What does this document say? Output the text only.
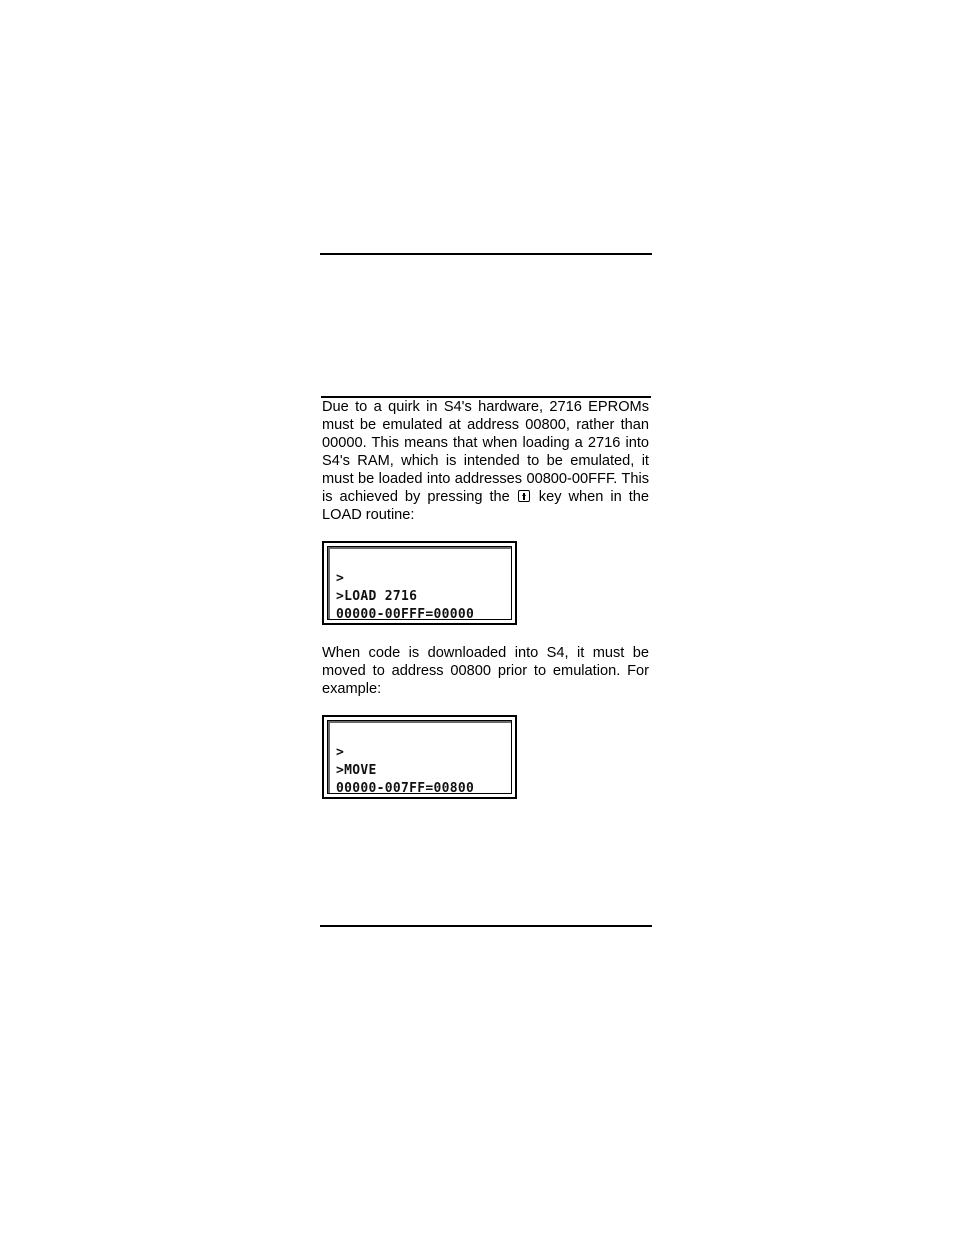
Due to a quirk in S4's hardware, 2716 EPROMs must be emulated at address 00800, rather than 00000. This means that when loading a 2716 into S4's RAM, which is intended to be emulated, it must be loaded into addresses 00800-00FFF. This is achieved by pressing the key when in the LOAD routine:

>
>LOAD 2716
00000-00FFF=00000

When code is downloaded into S4, it must be moved to address 00800 prior to emulation. For example:

>
>MOVE
00000-007FF=00800
